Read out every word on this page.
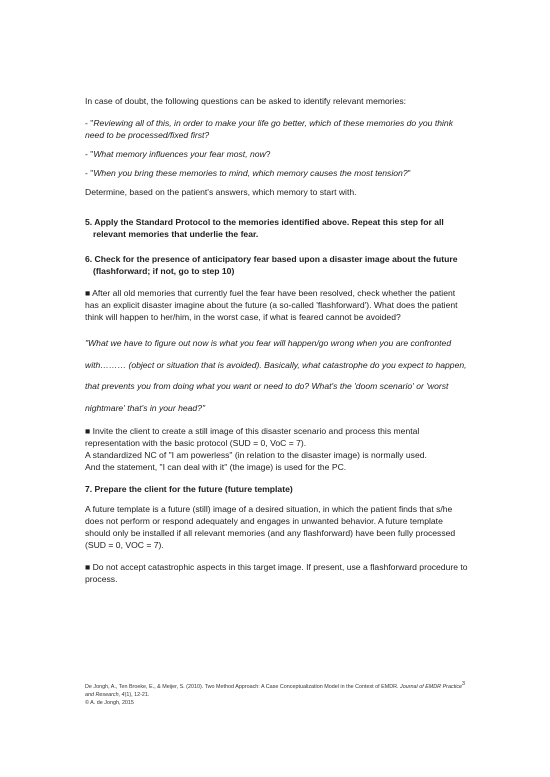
In case of doubt, the following questions can be asked to identify relevant memories:

- "Reviewing all of this, in order to make your life go better, which of these memories do you think need to be processed/fixed first?

- "What memory influences your fear most, now?

- "When you bring these memories to mind, which memory causes the most tension?"

Determine, based on the patient's answers, which memory to start with.

5. Apply the Standard Protocol to the memories identified above. Repeat this step for all relevant memories that underlie the fear.

6. Check for the presence of anticipatory fear based upon a disaster image about the future (flashforward; if not, go to step 10)

■ After all old memories that currently fuel the fear have been resolved, check whether the patient has an explicit disaster imagine about the future (a so-called 'flashforward'). What does the patient think will happen to her/him, in the worst case, if what is feared cannot be avoided?

"What we have to figure out now is what you fear will happen/go wrong when you are confronted with……… (object or situation that is avoided). Basically, what catastrophe do you expect to happen, that prevents you from doing what you want or need to do? What's the 'doom scenario' or 'worst nightmare' that's in your head?"

■ Invite the client to create a still image of this disaster scenario and process this mental representation with the basic protocol (SUD = 0, VoC = 7).

A standardized NC of "I am powerless" (in relation to the disaster image) is normally used.

And the statement, "I can deal with it" (the image) is used for the PC.

7. Prepare the client for the future (future template)

A future template is a future (still) image of a desired situation, in which the patient finds that s/he does not perform or respond adequately and engages in unwanted behavior. A future template should only be installed if all relevant memories (and any flashforward) have been fully processed (SUD = 0, VOC = 7).

■ Do not accept catastrophic aspects in this target image. If present, use a flashforward procedure to process.

3
De Jongh, A., Ten Broeke, E., & Meijer, S. (2010). Two Method Approach: A Case Conceptualization Model in the Context of EMDR. Journal of EMDR Practice and Research, 4(1), 12-21.
© A. de Jongh, 2015
